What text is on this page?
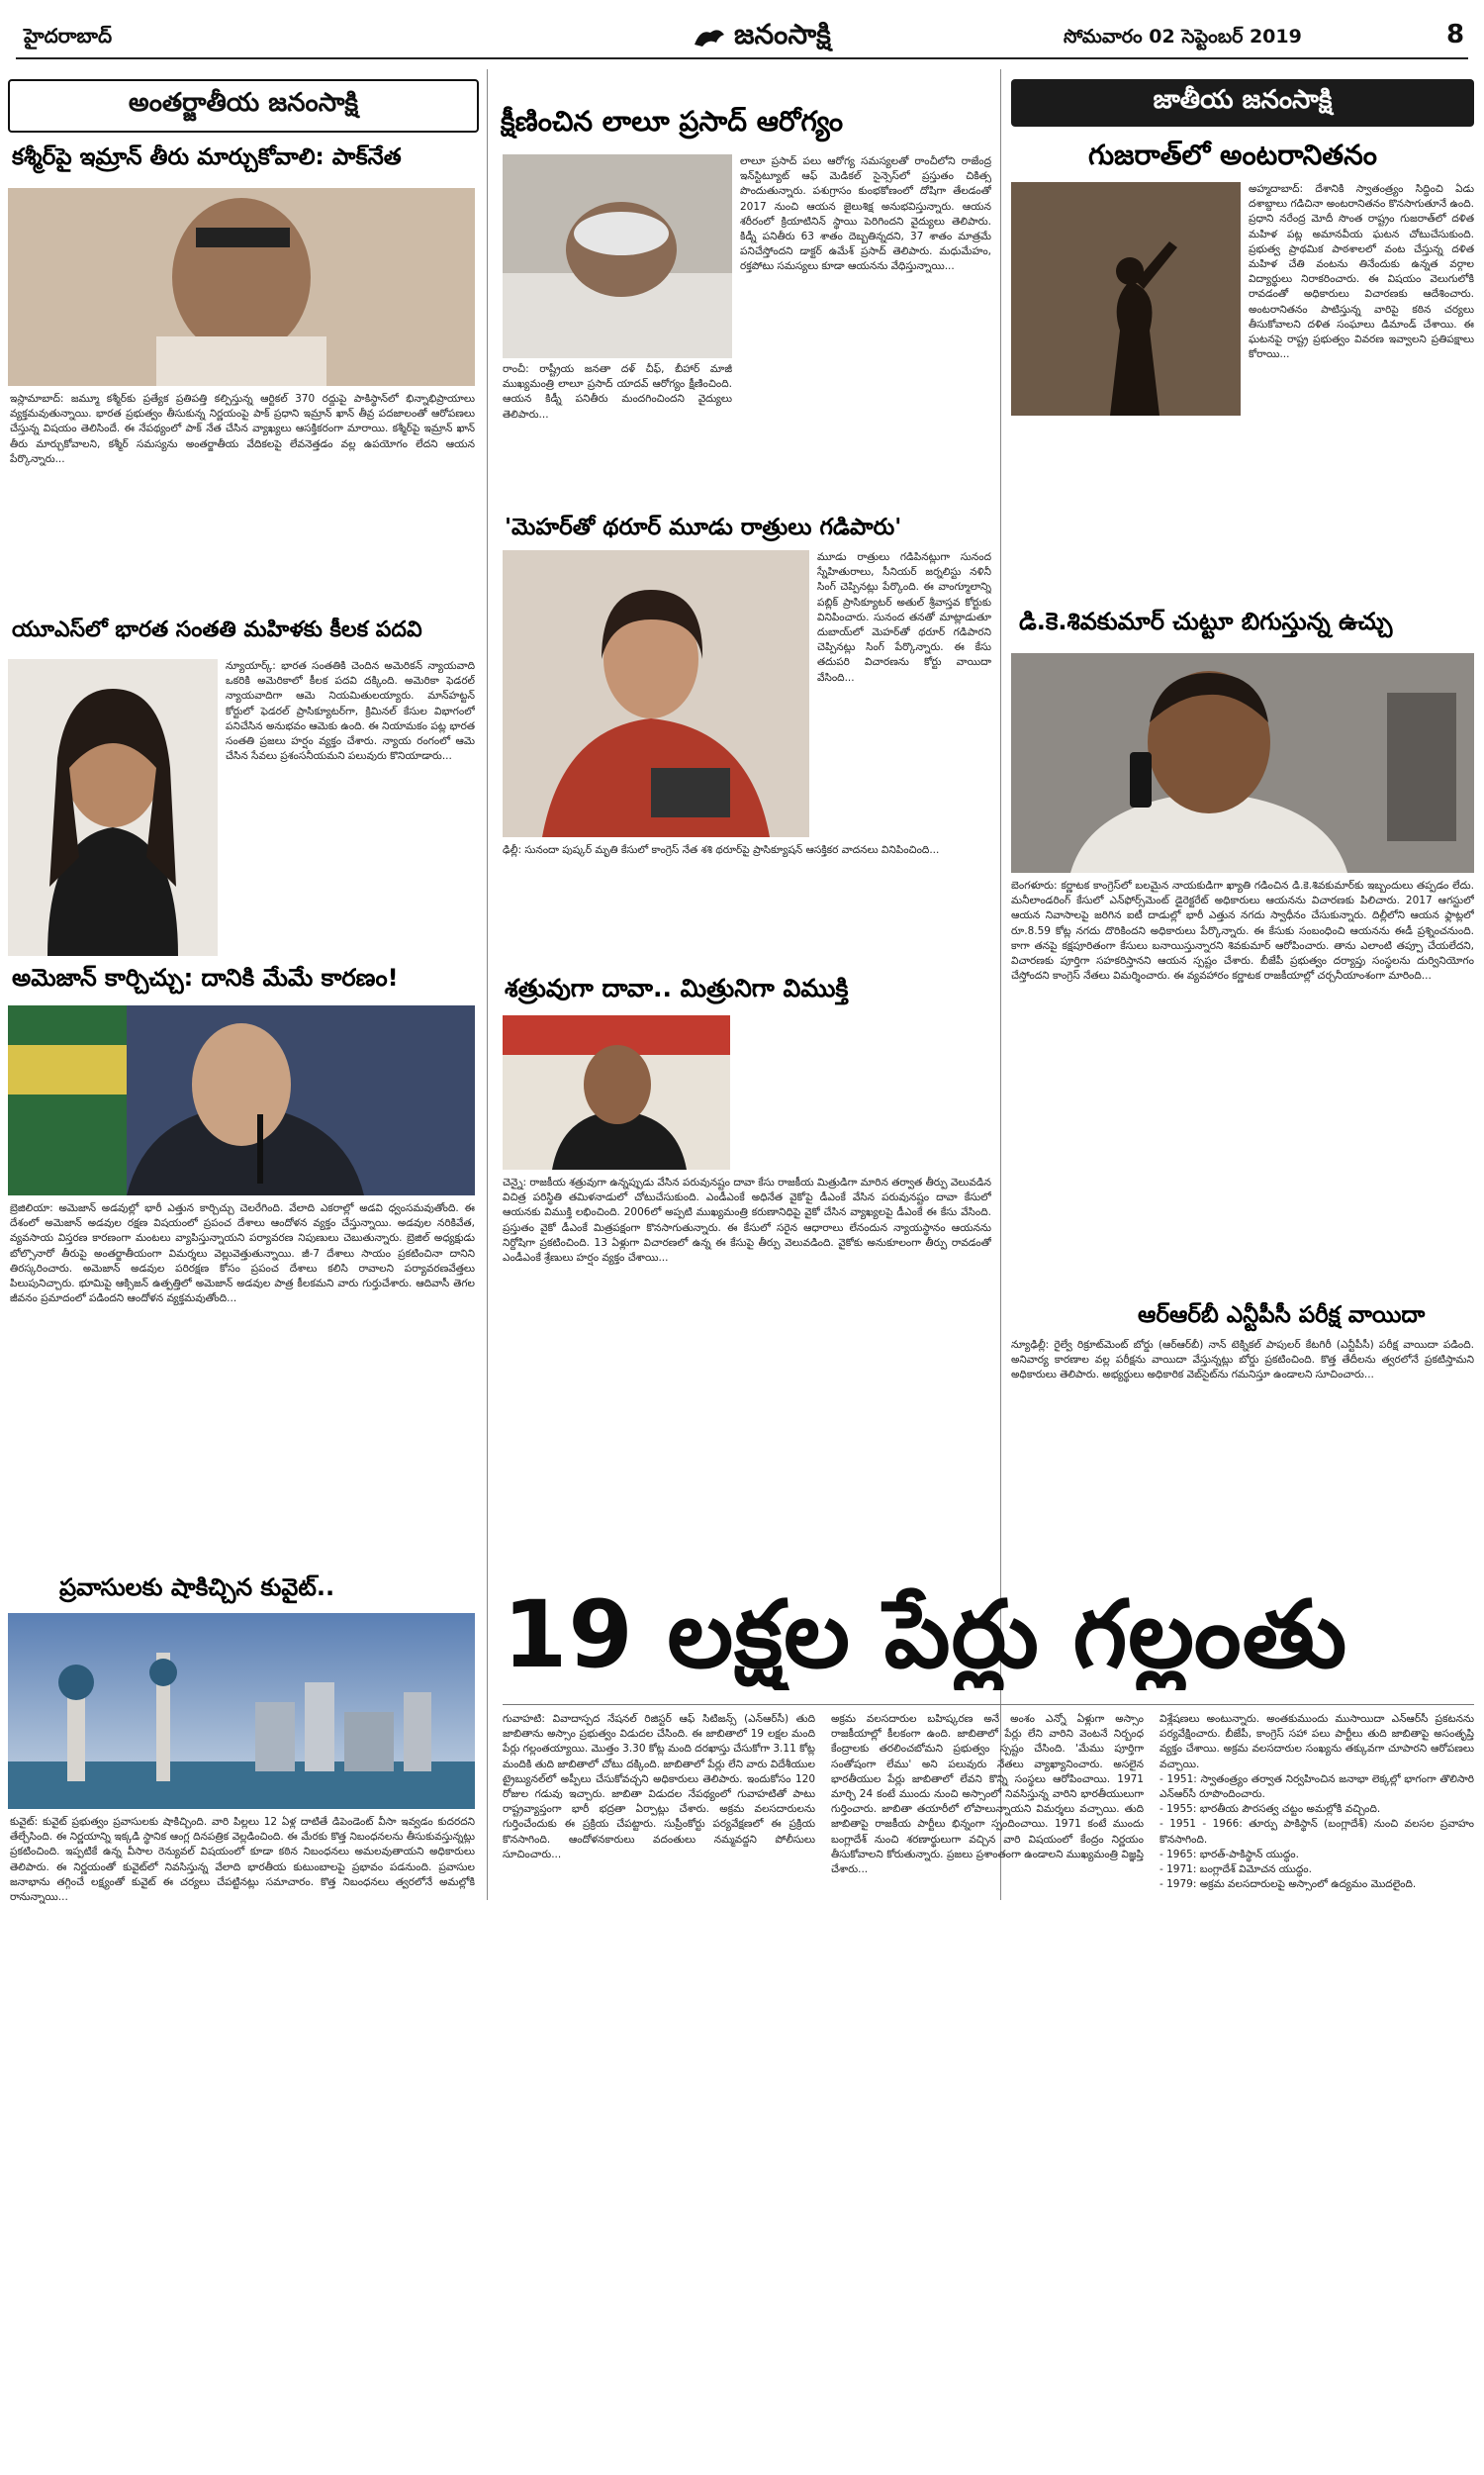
హైదరాబాద్	జనంసాక్షి	సోమవారం 02 సెప్టెంబర్ 2019	8
అంతర్జాతీయ జనంసాక్షి
కశ్మీర్‌పై ఇమ్రాన్ తీరు మార్చుకోవాలి: పాక్‌నేత
ఇస్లామాబాద్: జమ్మూ కశ్మీర్‌కు ప్రత్యేక ప్రతిపత్తి కల్పిస్తున్న ఆర్టికల్ 370 రద్దుపై పాకిస్థాన్‌లో భిన్నాభిప్రాయాలు వ్యక్తమవుతున్నాయి. భారత ప్రభుత్వం తీసుకున్న నిర్ణయంపై పాక్ ప్రధాని ఇమ్రాన్ ఖాన్ తీవ్ర పదజాలంతో ఆరోపణలు చేస్తున్న విషయం తెలిసిందే. ఈ నేపథ్యంలో పాక్ నేత చేసిన వ్యాఖ్యలు ఆసక్తికరంగా మారాయి. కశ్మీర్‌పై ఇమ్రాన్ ఖాన్ తీరు మార్చుకోవాలని, కశ్మీర్ సమస్యను అంతర్జాతీయ వేదికలపై లేవనెత్తడం వల్ల ఉపయోగం లేదని ఆయన పేర్కొన్నారు...
యూఎస్‌లో భారత సంతతి మహిళకు కీలక పదవి
న్యూయార్క్: భారత సంతతికి చెందిన అమెరికన్ న్యాయవాది ఒకరికి అమెరికాలో కీలక పదవి దక్కింది. అమెరికా ఫెడరల్ న్యాయవాదిగా ఆమె నియమితులయ్యారు. మాన్‌హట్టన్ కోర్టులో ఫెడరల్ ప్రాసిక్యూటర్‌గా, క్రిమినల్ కేసుల విభాగంలో పనిచేసిన అనుభవం ఆమెకు ఉంది. ఈ నియామకం పట్ల భారత సంతతి ప్రజలు హర్షం వ్యక్తం చేశారు. న్యాయ రంగంలో ఆమె చేసిన సేవలు ప్రశంసనీయమని పలువురు కొనియాడారు...
అమెజాన్ కార్చిచ్చు: దానికి మేమే కారణం!
బ్రెజిలియా: అమెజాన్ అడవుల్లో భారీ ఎత్తున కార్చిచ్చు చెలరేగింది. వేలాది ఎకరాల్లో అడవి ధ్వంసమవుతోంది. ఈ దేశంలో అమెజాన్ అడవుల రక్షణ విషయంలో ప్రపంచ దేశాలు ఆందోళన వ్యక్తం చేస్తున్నాయి. అడవుల నరికివేత, వ్యవసాయ విస్తరణ కారణంగా మంటలు వ్యాపిస్తున్నాయని పర్యావరణ నిపుణులు చెబుతున్నారు. బ్రెజిల్ అధ్యక్షుడు బోల్సొనారో తీరుపై అంతర్జాతీయంగా విమర్శలు వెల్లువెత్తుతున్నాయి. జీ-7 దేశాలు సాయం ప్రకటించినా దానిని తిరస్కరించారు. అమెజాన్ అడవుల పరిరక్షణ కోసం ప్రపంచ దేశాలు కలిసి రావాలని పర్యావరణవేత్తలు పిలుపునిచ్చారు. భూమిపై ఆక్సిజన్ ఉత్పత్తిలో అమెజాన్ అడవుల పాత్ర కీలకమని వారు గుర్తుచేశారు. ఆదివాసీ తెగల జీవనం ప్రమాదంలో పడిందని ఆందోళన వ్యక్తమవుతోంది...
ప్రవాసులకు షాకిచ్చిన కువైట్..
కువైట్: కువైట్ ప్రభుత్వం ప్రవాసులకు షాకిచ్చింది. వారి పిల్లలు 12 ఏళ్ల దాటితే డిపెండెంట్ వీసా ఇవ్వడం కుదరదని తేల్చేసింది. ఈ నిర్ణయాన్ని ఇక్కడి స్థానిక ఆంగ్ల దినపత్రిక వెల్లడించింది. ఈ మేరకు కొత్త నిబంధనలను తీసుకువస్తున్నట్లు ప్రకటించింది. ఇప్పటికే ఉన్న వీసాల రెన్యువల్ విషయంలో కూడా కఠిన నిబంధనలు అమలవుతాయని అధికారులు తెలిపారు. ఈ నిర్ణయంతో కువైట్‌లో నివసిస్తున్న వేలాది భారతీయ కుటుంబాలపై ప్రభావం పడనుంది. ప్రవాసుల జనాభాను తగ్గించే లక్ష్యంతో కువైట్ ఈ చర్యలు చేపట్టినట్లు సమాచారం. కొత్త నిబంధనలు త్వరలోనే అమల్లోకి రానున్నాయి...
క్షీణించిన లాలూ ప్రసాద్ ఆరోగ్యం
రాంచీ: రాష్ట్రీయ జనతా దళ్ చీఫ్, బీహార్ మాజీ ముఖ్యమంత్రి లాలూ ప్రసాద్ యాదవ్ ఆరోగ్యం క్షీణించింది. ఆయన కిడ్నీ పనితీరు మందగించిందని వైద్యులు తెలిపారు...
లాలూ ప్రసాద్ పలు ఆరోగ్య సమస్యలతో రాంచీలోని రాజేంద్ర ఇన్‌స్టిట్యూట్ ఆఫ్ మెడికల్ సైన్సెస్‌లో ప్రస్తుతం చికిత్స పొందుతున్నారు. పశుగ్రాసం కుంభకోణంలో దోషిగా తేలడంతో 2017 నుంచి ఆయన జైలుశిక్ష అనుభవిస్తున్నారు. ఆయన శరీరంలో క్రియాటినిన్ స్థాయి పెరిగిందని వైద్యులు తెలిపారు. కిడ్నీ పనితీరు 63 శాతం దెబ్బతిన్నదని, 37 శాతం మాత్రమే పనిచేస్తోందని డాక్టర్ ఉమేశ్ ప్రసాద్ తెలిపారు. మధుమేహం, రక్తపోటు సమస్యలు కూడా ఆయనను వేధిస్తున్నాయి...
'మెహర్‌తో థరూర్ మూడు రాత్రులు గడిపారు'
మూడు రాత్రులు గడిపినట్లుగా సునంద స్నేహితురాలు, సీనియర్ జర్నలిస్టు నళినీ సింగ్ చెప్పినట్లు పేర్కొంది. ఈ వాంగ్మూలాన్ని పబ్లిక్ ప్రాసిక్యూటర్ అతుల్ శ్రీవాస్తవ కోర్టుకు వినిపించారు. సునంద తనతో మాట్లాడుతూ దుబాయ్‌లో మెహర్‌తో థరూర్ గడిపారని చెప్పినట్లు సింగ్ పేర్కొన్నారు. ఈ కేసు తదుపరి విచారణను కోర్టు వాయిదా వేసింది...
ఢిల్లీ: సునందా పుష్కర్ మృతి కేసులో కాంగ్రెస్ నేత శశి థరూర్‌పై ప్రాసిక్యూషన్ ఆసక్తికర వాదనలు వినిపించింది...
శత్రువుగా దావా.. మిత్రునిగా విముక్తి
చెన్నై: రాజకీయ శత్రువుగా ఉన్నప్పుడు వేసిన పరువునష్టం దావా కేసు రాజకీయ మిత్రుడిగా మారిన తర్వాత తీర్పు వెలువడిన విచిత్ర పరిస్థితి తమిళనాడులో చోటుచేసుకుంది. ఎండీఎంకే అధినేత వైకోపై డీఎంకే వేసిన పరువునష్టం దావా కేసులో ఆయనకు విముక్తి లభించింది. 2006లో అప్పటి ముఖ్యమంత్రి కరుణానిధిపై వైకో చేసిన వ్యాఖ్యలపై డీఎంకే ఈ కేసు వేసింది. ప్రస్తుతం వైకో డీఎంకే మిత్రపక్షంగా కొనసాగుతున్నారు. ఈ కేసులో సరైన ఆధారాలు లేనందున న్యాయస్థానం ఆయనను నిర్దోషిగా ప్రకటించింది. 13 ఏళ్లుగా విచారణలో ఉన్న ఈ కేసుపై తీర్పు వెలువడింది. వైకోకు అనుకూలంగా తీర్పు రావడంతో ఎండీఎంకే శ్రేణులు హర్షం వ్యక్తం చేశాయి...
జాతీయ జనంసాక్షి
గుజరాత్‌లో అంటరానితనం
అహ్మదాబాద్: దేశానికి స్వాతంత్ర్యం సిద్ధించి ఏడు దశాబ్దాలు గడిచినా అంటరానితనం కొనసాగుతూనే ఉంది. ప్రధాని నరేంద్ర మోదీ సొంత రాష్ట్రం గుజరాత్‌లో దళిత మహిళ పట్ల అమానవీయ ఘటన చోటుచేసుకుంది. ప్రభుత్వ ప్రాథమిక పాఠశాలలో వంట చేస్తున్న దళిత మహిళ చేతి వంటను తినేందుకు ఉన్నత వర్గాల విద్యార్థులు నిరాకరించారు. ఈ విషయం వెలుగులోకి రావడంతో అధికారులు విచారణకు ఆదేశించారు. అంటరానితనం పాటిస్తున్న వారిపై కఠిన చర్యలు తీసుకోవాలని దళిత సంఘాలు డిమాండ్ చేశాయి. ఈ ఘటనపై రాష్ట్ర ప్రభుత్వం వివరణ ఇవ్వాలని ప్రతిపక్షాలు కోరాయి...
డి.కె.శివకుమార్ చుట్టూ బిగుస్తున్న ఉచ్చు
బెంగళూరు: కర్ణాటక కాంగ్రెస్‌లో బలమైన నాయకుడిగా ఖ్యాతి గడించిన డి.కె.శివకుమార్‌కు ఇబ్బందులు తప్పడం లేదు. మనీలాండరింగ్ కేసులో ఎన్‌ఫోర్స్‌మెంట్ డైరెక్టరేట్ అధికారులు ఆయనను విచారణకు పిలిచారు. 2017 ఆగస్టులో ఆయన నివాసాలపై జరిగిన ఐటీ దాడుల్లో భారీ ఎత్తున నగదు స్వాధీనం చేసుకున్నారు. దిల్లీలోని ఆయన ఫ్లాట్లలో రూ.8.59 కోట్ల నగదు దొరికిందని అధికారులు పేర్కొన్నారు. ఈ కేసుకు సంబంధించి ఆయనను ఈడీ ప్రశ్నించనుంది. కాగా తనపై కక్షపూరితంగా కేసులు బనాయిస్తున్నారని శివకుమార్ ఆరోపించారు. తాను ఎలాంటి తప్పూ చేయలేదని, విచారణకు పూర్తిగా సహకరిస్తానని ఆయన స్పష్టం చేశారు. బీజేపీ ప్రభుత్వం దర్యాప్తు సంస్థలను దుర్వినియోగం చేస్తోందని కాంగ్రెస్ నేతలు విమర్శించారు. ఈ వ్యవహారం కర్ణాటక రాజకీయాల్లో చర్చనీయాంశంగా మారింది...
ఆర్‌ఆర్‌బీ ఎన్టీపీసీ పరీక్ష వాయిదా
న్యూఢిల్లీ: రైల్వే రిక్రూట్‌మెంట్ బోర్డు (ఆర్‌ఆర్‌బీ) నాన్ టెక్నికల్ పాపులర్ కేటగిరీ (ఎన్టీపీసీ) పరీక్ష వాయిదా పడింది. అనివార్య కారణాల వల్ల పరీక్షను వాయిదా వేస్తున్నట్లు బోర్డు ప్రకటించింది. కొత్త తేదీలను త్వరలోనే ప్రకటిస్తామని అధికారులు తెలిపారు. అభ్యర్థులు అధికారిక వెబ్‌సైట్‌ను గమనిస్తూ ఉండాలని సూచించారు...
19 లక్షల పేర్లు గల్లంతు
గువాహటి: వివాదాస్పద నేషనల్ రిజిస్టర్ ఆఫ్ సిటిజన్స్ (ఎన్‌ఆర్‌సీ) తుది జాబితాను అస్సాం ప్రభుత్వం విడుదల చేసింది. ఈ జాబితాలో 19 లక్షల మంది పేర్లు గల్లంతయ్యాయి. మొత్తం 3.30 కోట్ల మంది దరఖాస్తు చేసుకోగా 3.11 కోట్ల మందికి తుది జాబితాలో చోటు దక్కింది. జాబితాలో పేర్లు లేని వారు విదేశీయుల ట్రైబ్యునల్‌లో అప్పీలు చేసుకోవచ్చని అధికారులు తెలిపారు. ఇందుకోసం 120 రోజుల గడువు ఇచ్చారు. జాబితా విడుదల నేపథ్యంలో గువాహటితో పాటు రాష్ట్రవ్యాప్తంగా భారీ భద్రతా ఏర్పాట్లు చేశారు. అక్రమ వలసదారులను గుర్తించేందుకు ఈ ప్రక్రియ చేపట్టారు. సుప్రీంకోర్టు పర్యవేక్షణలో ఈ ప్రక్రియ కొనసాగింది. ఆందోళనకారులు వదంతులు నమ్మవద్దని పోలీసులు సూచించారు...
అక్రమ వలసదారుల బహిష్కరణ అనే అంశం ఎన్నో ఏళ్లుగా అస్సాం రాజకీయాల్లో కీలకంగా ఉంది. జాబితాలో పేర్లు లేని వారిని వెంటనే నిర్బంధ కేంద్రాలకు తరలించబోమని ప్రభుత్వం స్పష్టం చేసింది. 'మేము పూర్తిగా సంతోషంగా లేము' అని పలువురు నేతలు వ్యాఖ్యానించారు. అసలైన భారతీయుల పేర్లు జాబితాలో లేవని కొన్ని సంస్థలు ఆరోపించాయి. 1971 మార్చి 24 కంటే ముందు నుంచి అస్సాంలో నివసిస్తున్న వారిని భారతీయులుగా గుర్తించారు. జాబితా తయారీలో లోపాలున్నాయని విమర్శలు వచ్చాయి. తుది జాబితాపై రాజకీయ పార్టీలు భిన్నంగా స్పందించాయి. 1971 కంటే ముందు బంగ్లాదేశ్ నుంచి శరణార్థులుగా వచ్చిన వారి విషయంలో కేంద్రం నిర్ణయం తీసుకోవాలని కోరుతున్నారు. ప్రజలు ప్రశాంతంగా ఉండాలని ముఖ్యమంత్రి విజ్ఞప్తి చేశారు...
విశ్లేషణలు అంటున్నారు. అంతకుముందు ముసాయిదా ఎన్‌ఆర్‌సీ ప్రకటనను పర్యవేక్షించారు. బీజేపీ, కాంగ్రెస్ సహా పలు పార్టీలు తుది జాబితాపై అసంతృప్తి వ్యక్తం చేశాయి. అక్రమ వలసదారుల సంఖ్యను తక్కువగా చూపారని ఆరోపణలు వచ్చాయి.
- 1951: స్వాతంత్ర్యం తర్వాత నిర్వహించిన జనాభా లెక్కల్లో భాగంగా తొలిసారి ఎన్‌ఆర్‌సీ రూపొందించారు.
- 1955: భారతీయ పౌరసత్వ చట్టం అమల్లోకి వచ్చింది.
- 1951 - 1966: తూర్పు పాకిస్థాన్ (బంగ్లాదేశ్) నుంచి వలసల ప్రవాహం కొనసాగింది.
- 1965: భారత్-పాకిస్థాన్ యుద్ధం.
- 1971: బంగ్లాదేశ్ విమోచన యుద్ధం.
- 1979: అక్రమ వలసదారులపై అస్సాంలో ఉద్యమం మొదలైంది.
